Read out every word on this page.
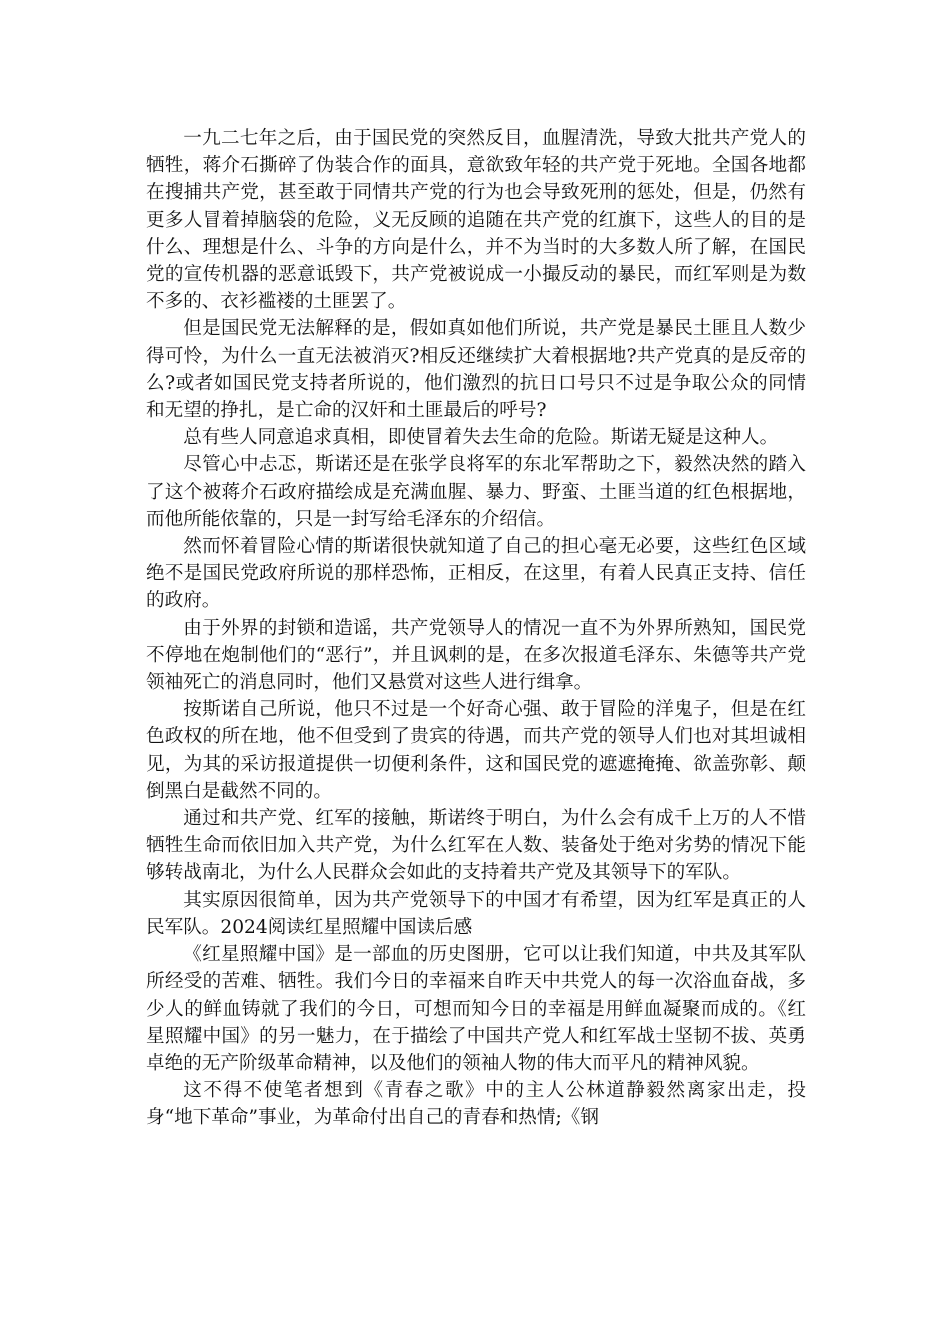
一九二七年之后，由于国民党的突然反目，血腥清洗，导致大批共产党人的牺牲，蒋介石撕碎了伪装合作的面具，意欲致年轻的共产党于死地。全国各地都在搜捕共产党，甚至敢于同情共产党的行为也会导致死刑的惩处，但是，仍然有更多人冒着掉脑袋的危险，义无反顾的追随在共产党的红旗下，这些人的目的是什么、理想是什么、斗争的方向是什么，并不为当时的大多数人所了解，在国民党的宣传机器的恶意诋毁下，共产党被说成一小撮反动的暴民，而红军则是为数不多的、衣衫褴褛的土匪罢了。

但是国民党无法解释的是，假如真如他们所说，共产党是暴民土匪且人数少得可怜，为什么一直无法被消灭?相反还继续扩大着根据地?共产党真的是反帝的么?或者如国民党支持者所说的，他们激烈的抗日口号只不过是争取公众的同情和无望的挣扎，是亡命的汉奸和土匪最后的呼号?

总有些人同意追求真相，即使冒着失去生命的危险。斯诺无疑是这种人。

尽管心中忐忑，斯诺还是在张学良将军的东北军帮助之下，毅然决然的踏入了这个被蒋介石政府描绘成是充满血腥、暴力、野蛮、土匪当道的红色根据地，而他所能依靠的，只是一封写给毛泽东的介绍信。

然而怀着冒险心情的斯诺很快就知道了自己的担心毫无必要，这些红色区域绝不是国民党政府所说的那样恐怖，正相反，在这里，有着人民真正支持、信任的政府。

由于外界的封锁和造谣，共产党领导人的情况一直不为外界所熟知，国民党不停地在炮制他们的“恶行”，并且讽刺的是，在多次报道毛泽东、朱德等共产党领袖死亡的消息同时，他们又悬赏对这些人进行缉拿。

按斯诺自己所说，他只不过是一个好奇心强、敢于冒险的洋鬼子，但是在红色政权的所在地，他不但受到了贵宾的待遇，而共产党的领导人们也对其坦诚相见，为其的采访报道提供一切便利条件，这和国民党的遮遮掩掩、欲盖弥彰、颠倒黑白是截然不同的。

通过和共产党、红军的接触，斯诺终于明白，为什么会有成千上万的人不惜牺牲生命而依旧加入共产党，为什么红军在人数、装备处于绝对劣势的情况下能够转战南北，为什么人民群众会如此的支持着共产党及其领导下的军队。

其实原因很简单，因为共产党领导下的中国才有希望，因为红军是真正的人民军队。2024阅读红星照耀中国读后感

《红星照耀中国》是一部血的历史图册，它可以让我们知道，中共及其军队所经受的苦难、牺牲。我们今日的幸福来自昨天中共党人的每一次浴血奋战，多少人的鲜血铸就了我们的今日，可想而知今日的幸福是用鲜血凝聚而成的。《红星照耀中国》的另一魅力，在于描绘了中国共产党人和红军战士坚韧不拔、英勇卓绝的无产阶级革命精神，以及他们的领袖人物的伟大而平凡的精神风貌。

这不得不使笔者想到《青春之歌》中的主人公林道静毅然离家出走，投身“地下革命”事业，为革命付出自己的青春和热情;《钢
